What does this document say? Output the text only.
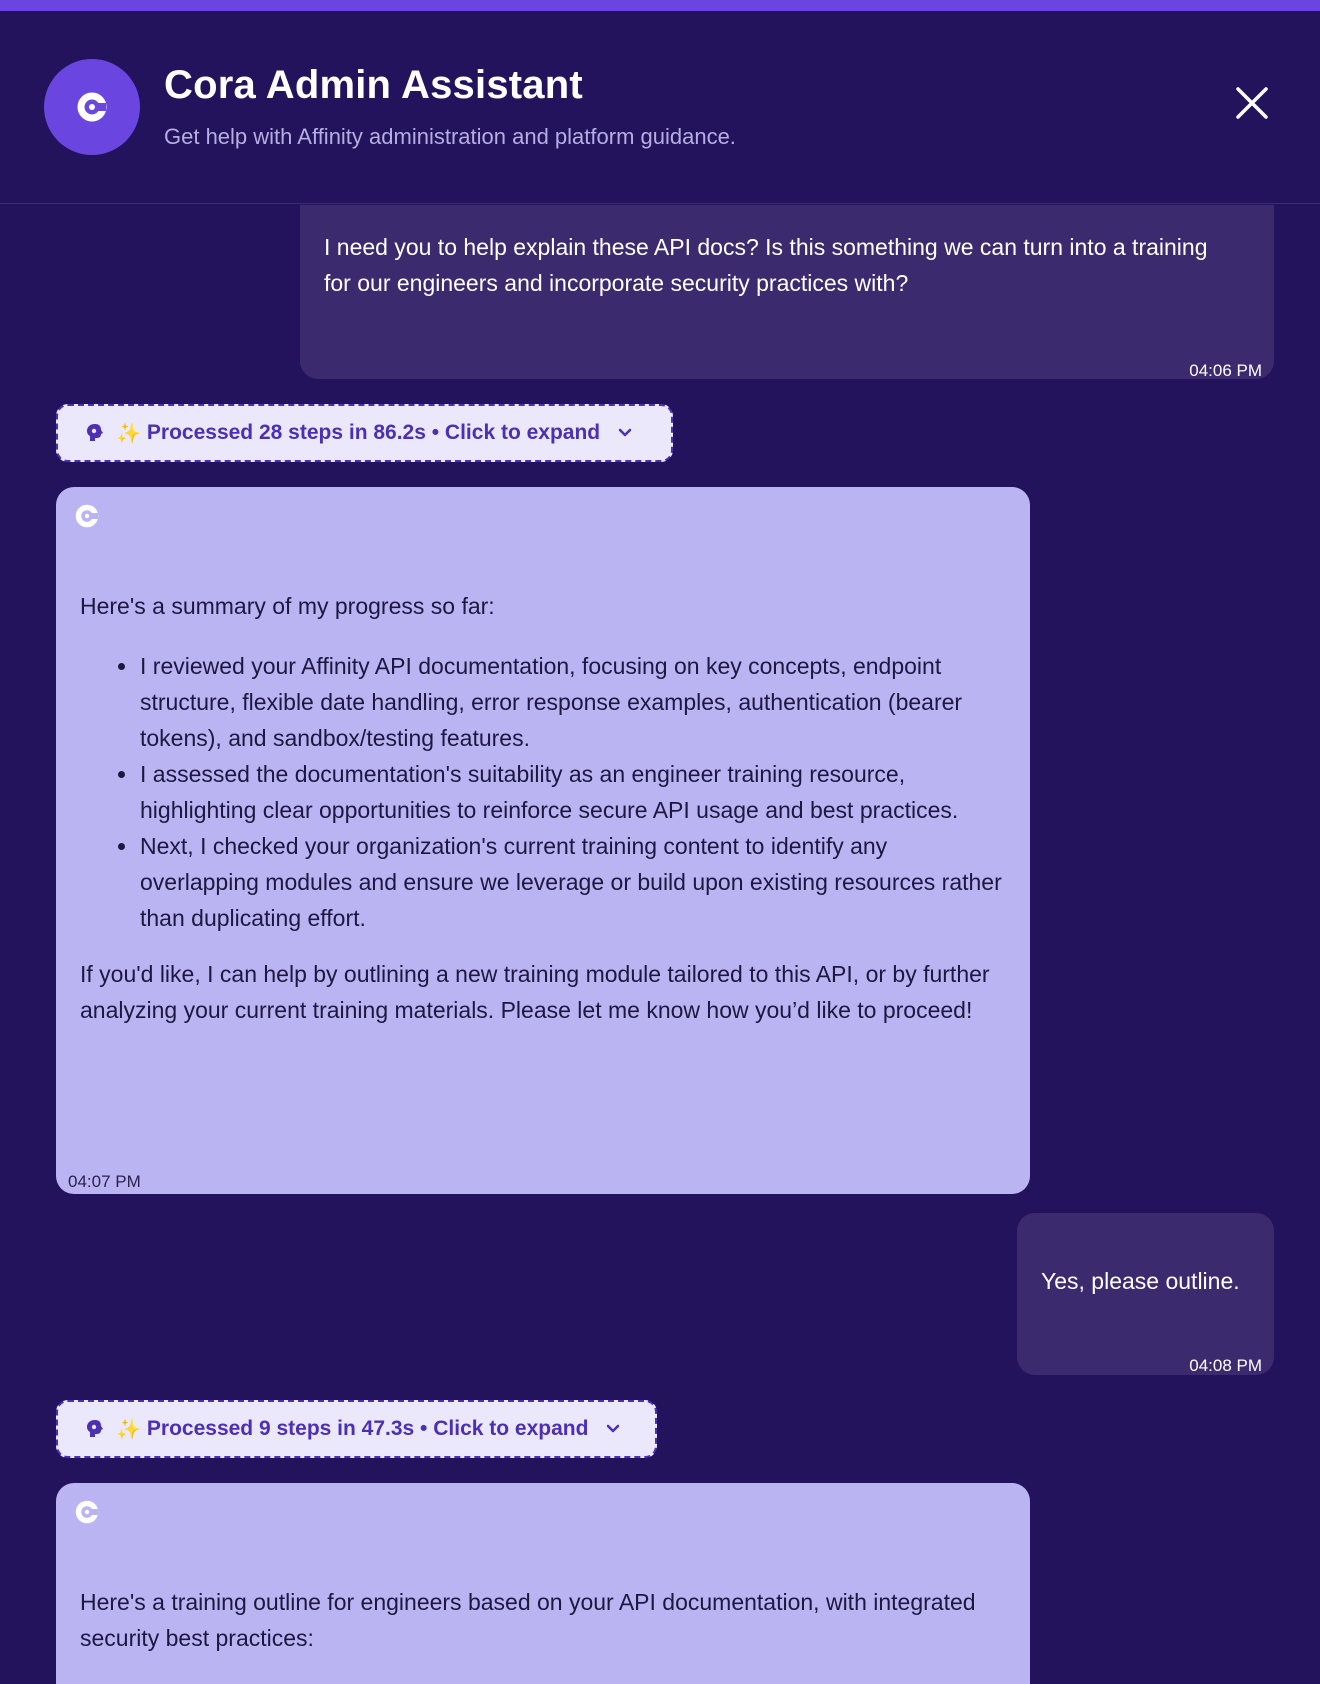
Cora Admin Assistant
Get help with Affinity administration and platform guidance.
I need you to help explain these API docs? Is this something we can turn into a training for our engineers and incorporate security practices with?
04:06 PM
✨ Processed 28 steps in 86.2s • Click to expand

Here's a summary of my progress so far:

I reviewed your Affinity API documentation, focusing on key concepts, endpoint structure, flexible date handling, error response examples, authentication (bearer tokens), and sandbox/testing features.
I assessed the documentation's suitability as an engineer training resource, highlighting clear opportunities to reinforce secure API usage and best practices.
Next, I checked your organization's current training content to identify any overlapping modules and ensure we leverage or build upon existing resources rather than duplicating effort.

If you'd like, I can help by outlining a new training module tailored to this API, or by further analyzing your current training materials. Please let me know how you’d like to proceed!

04:07 PM
Yes, please outline.
04:08 PM
✨ Processed 9 steps in 47.3s • Click to expand

Here's a training outline for engineers based on your API documentation, with integrated security best practices:
